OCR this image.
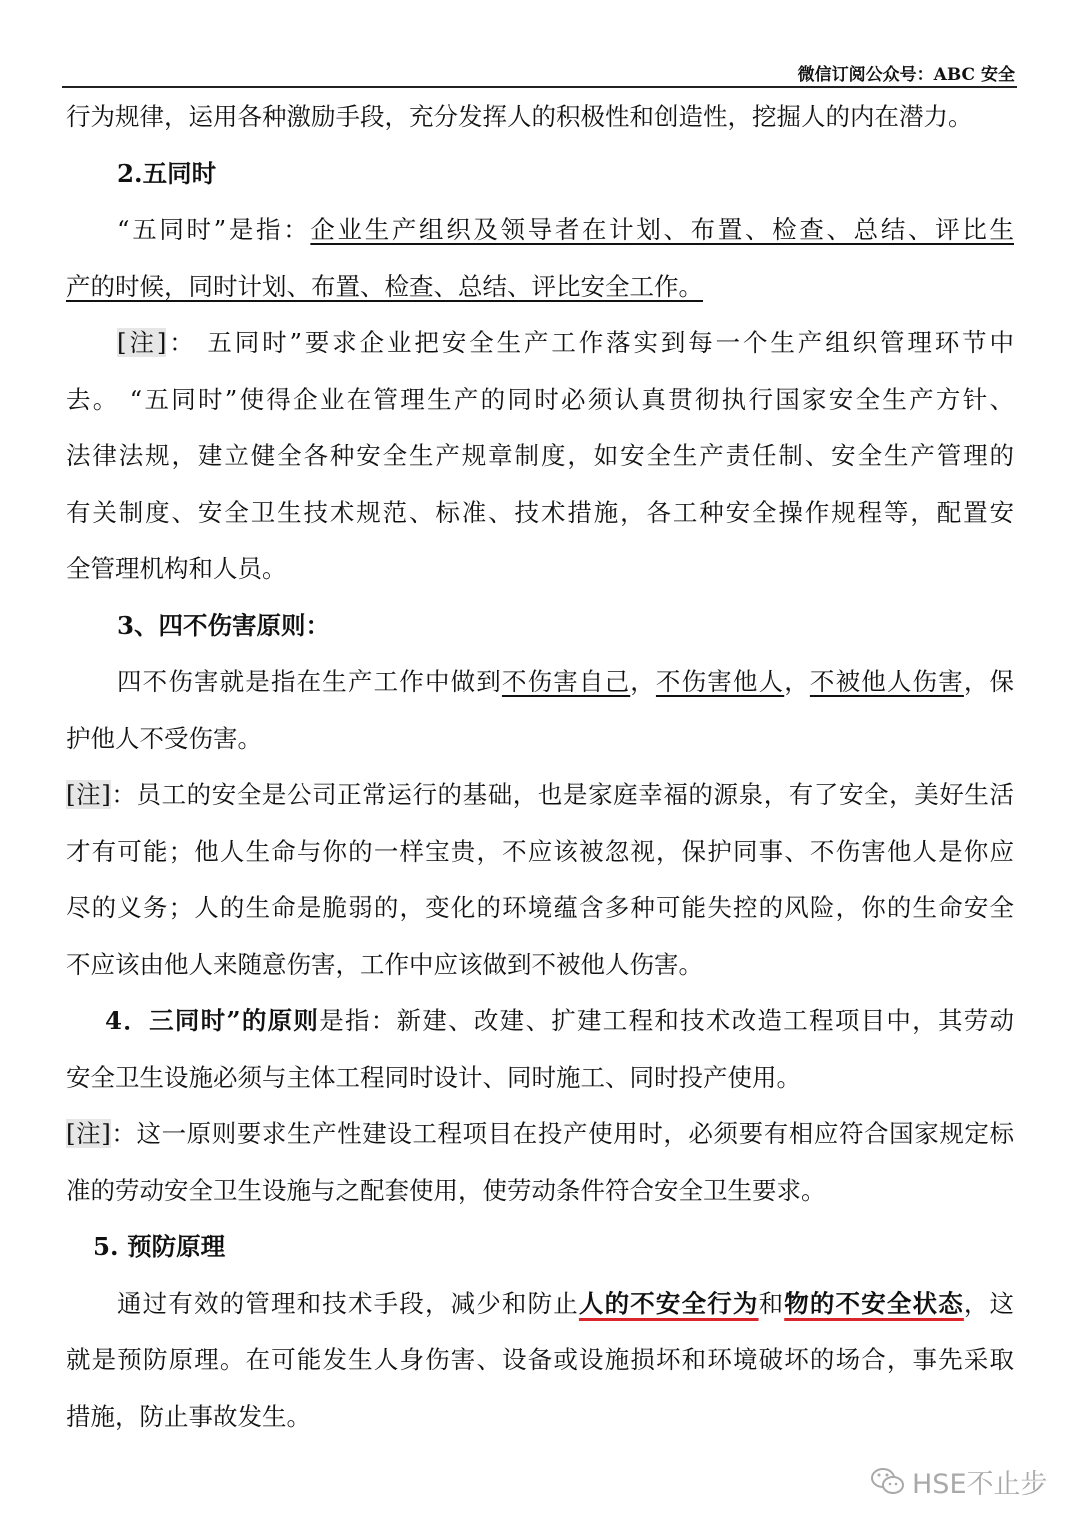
微信订阅公众号：ABC 安全
行为规律，运用各种激励手段，充分发挥人的积极性和创造性，挖掘人的内在潜力。
2.五同时
“五同时”是指：企业生产组织及领导者在计划、布置、检查、总结、评比生
产的时候，同时计划、布置、检查、总结、评比安全工作。
[注]： 五同时”要求企业把安全生产工作落实到每一个生产组织管理环节中
去。 “五同时”使得企业在管理生产的同时必须认真贯彻执行国家安全生产方针、
法律法规，建立健全各种安全生产规章制度，如安全生产责任制、安全生产管理的
有关制度、安全卫生技术规范、标准、技术措施，各工种安全操作规程等，配置安
全管理机构和人员。
3、四不伤害原则：
四不伤害就是指在生产工作中做到不伤害自己，不伤害他人，不被他人伤害，保
护他人不受伤害。
[注]：员工的安全是公司正常运行的基础，也是家庭幸福的源泉，有了安全，美好生活
才有可能；他人生命与你的一样宝贵，不应该被忽视，保护同事、不伤害他人是你应
尽的义务；人的生命是脆弱的，变化的环境蕴含多种可能失控的风险，你的生命安全
不应该由他人来随意伤害，工作中应该做到不被他人伤害。
4．三同时”的原则是指：新建、改建、扩建工程和技术改造工程项目中，其劳动
安全卫生设施必须与主体工程同时设计、同时施工、同时投产使用。
[注]：这一原则要求生产性建设工程项目在投产使用时，必须要有相应符合国家规定标
准的劳动安全卫生设施与之配套使用，使劳动条件符合安全卫生要求。
5. 预防原理
通过有效的管理和技术手段，减少和防止人的不安全行为和物的不安全状态，这
就是预防原理。在可能发生人身伤害、设备或设施损坏和环境破坏的场合，事先采取
措施，防止事故发生。
HSE不止步
